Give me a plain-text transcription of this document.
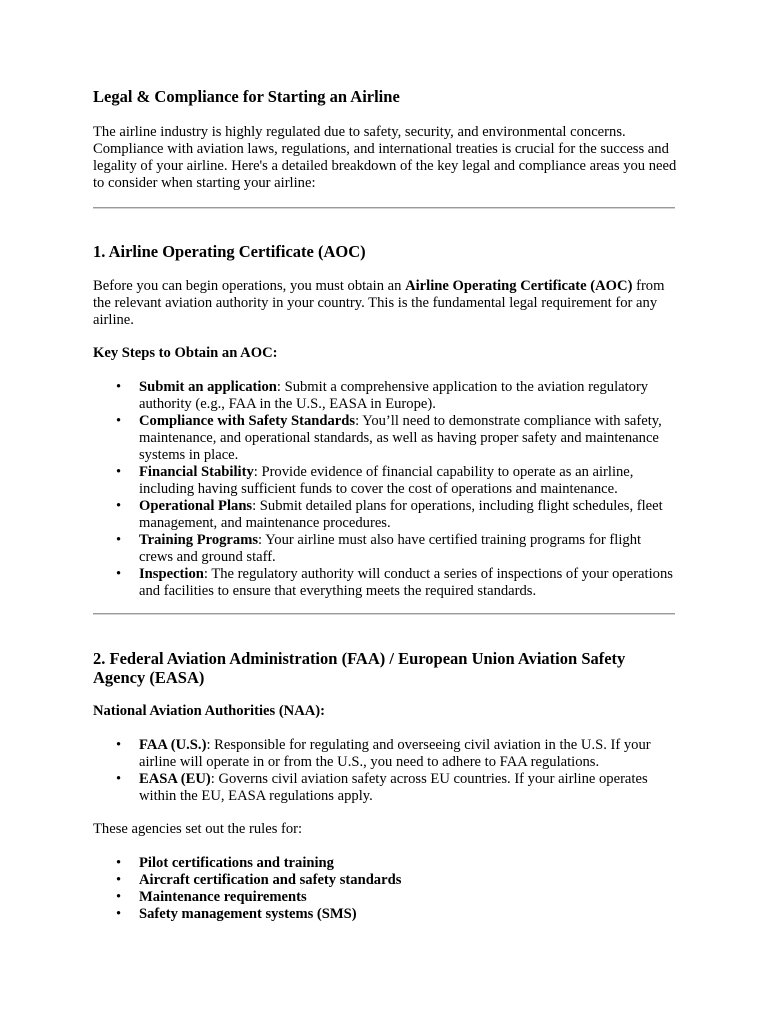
Legal & Compliance for Starting an Airline

The airline industry is highly regulated due to safety, security, and environmental concerns. Compliance with aviation laws, regulations, and international treaties is crucial for the success and legality of your airline. Here's a detailed breakdown of the key legal and compliance areas you need to consider when starting your airline:

1. Airline Operating Certificate (AOC)

Before you can begin operations, you must obtain an Airline Operating Certificate (AOC) from the relevant aviation authority in your country. This is the fundamental legal requirement for any airline.

Key Steps to Obtain an AOC:

• Submit an application: Submit a comprehensive application to the aviation regulatory authority (e.g., FAA in the U.S., EASA in Europe).
• Compliance with Safety Standards: You’ll need to demonstrate compliance with safety, maintenance, and operational standards, as well as having proper safety and maintenance systems in place.
• Financial Stability: Provide evidence of financial capability to operate as an airline, including having sufficient funds to cover the cost of operations and maintenance.
• Operational Plans: Submit detailed plans for operations, including flight schedules, fleet management, and maintenance procedures.
• Training Programs: Your airline must also have certified training programs for flight crews and ground staff.
• Inspection: The regulatory authority will conduct a series of inspections of your operations and facilities to ensure that everything meets the required standards.
2. Federal Aviation Administration (FAA) / European Union Aviation Safety Agency (EASA)

National Aviation Authorities (NAA):

• FAA (U.S.): Responsible for regulating and overseeing civil aviation in the U.S. If your airline will operate in or from the U.S., you need to adhere to FAA regulations.
• EASA (EU): Governs civil aviation safety across EU countries. If your airline operates within the EU, EASA regulations apply.

These agencies set out the rules for:

• Pilot certifications and training
• Aircraft certification and safety standards
• Maintenance requirements
• Safety management systems (SMS)
